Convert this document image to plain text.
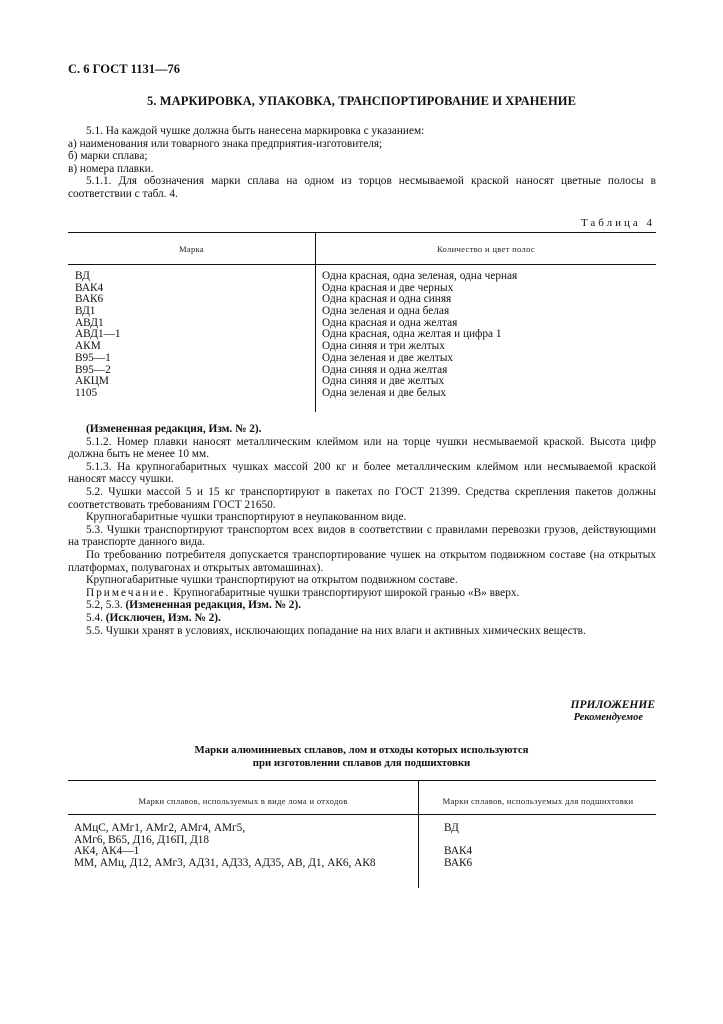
С. 6 ГОСТ 1131—76
5. МАРКИРОВКА, УПАКОВКА, ТРАНСПОРТИРОВАНИЕ И ХРАНЕНИЕ

5.1. На каждой чушке должна быть нанесена маркировка с указанием:

а) наименования или товарного знака предприятия-изготовителя;

б) марки сплава;

в) номера плавки.

5.1.1. Для обозначения марки сплава на одном из торцов несмываемой краской наносят цветные полосы в соответствии с табл. 4.

Таблица 4
Марка	Количество и цвет полос
ВД
ВАК4
ВАК6
ВД1
АВД1
АВД1—1
АКМ
В95—1
В95—2
АКЦМ
1105
Одна красная, одна зеленая, одна черная
Одна красная и две черных
Одна красная и одна синяя
Одна зеленая и одна белая
Одна красная и одна желтая
Одна красная, одна желтая и цифра 1
Одна синяя и три желтых
Одна зеленая и две желтых
Одна синяя и одна желтая
Одна синяя и две желтых
Одна зеленая и две белых

(Измененная редакция, Изм. № 2).

5.1.2. Номер плавки наносят металлическим клеймом или на торце чушки несмываемой краской. Высота цифр должна быть не менее 10 мм.

5.1.3. На крупногабаритных чушках массой 200 кг и более металлическим клеймом или несмываемой краской наносят массу чушки.

5.2. Чушки массой 5 и 15 кг транспортируют в пакетах по ГОСТ 21399. Средства скрепления пакетов должны соответствовать требованиям ГОСТ 21650.

Крупногабаритные чушки транспортируют в неупакованном виде.

5.3. Чушки транспортируют транспортом всех видов в соответствии с правилами перевозки грузов, действующими на транспорте данного вида.

По требованию потребителя допускается транспортирование чушек на открытом подвижном составе (на открытых платформах, полувагонах и открытых автомашинах).

Крупногабаритные чушки транспортируют на открытом подвижном составе.

Примечание. Крупногабаритные чушки транспортируют широкой гранью «В» вверх.

5.2, 5.3. (Измененная редакция, Изм. № 2).

5.4. (Исключен, Изм. № 2).

5.5. Чушки хранят в условиях, исключающих попадание на них влаги и активных химических веществ.

ПРИЛОЖЕНИЕ
Рекомендуемое
Марки алюминиевых сплавов, лом и отходы которых используются
при изготовлении сплавов для подшихтовки
Марки сплавов, используемых в виде лома и отходов	Марки сплавов, используемых для подшихтовки
АМцС, АМг1, АМг2, АМг4, АМг5,
АМг6, В65, Д16, Д16П, Д18
АК4, АК4—1
ММ, АМц, Д12, АМг3, АД31, АД33, АД35, АВ, Д1, АК6, АК8
ВД
ВАК4
ВАК6
